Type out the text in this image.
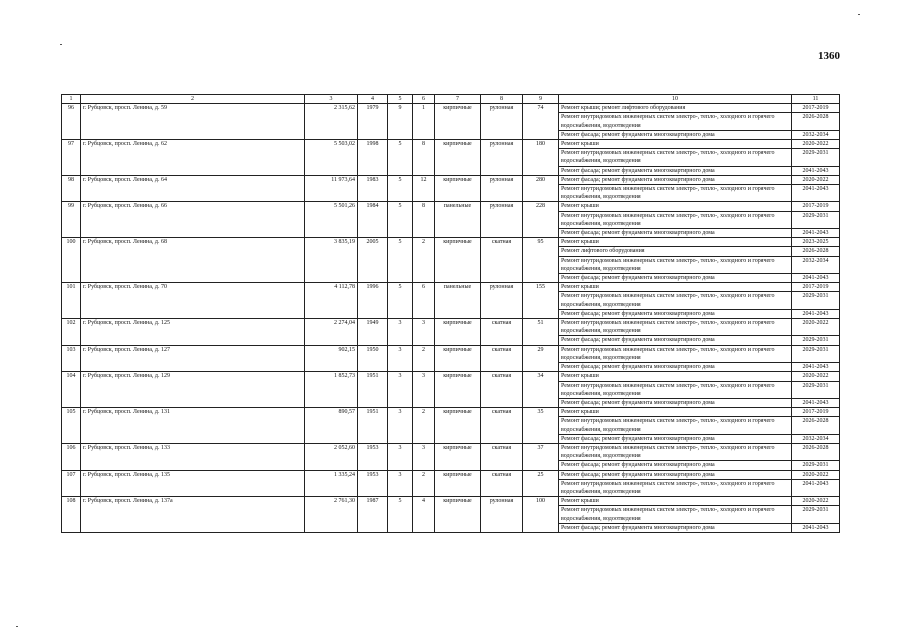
1360
1	2	3	4	5	6	7	8	9	10	11
96	г. Рубцовск, просп. Ленина, д. 59	2 315,62	1979	9	1	кирпичные	рулонная	74	Ремонт крыши; ремонт лифтового оборудования	2017-2019
									Ремонт внутридомовых инженерных систем электро-, тепло-, холодного и горячего водоснабжения, водоотведения	2026-2028
									Ремонт фасада; ремонт фундамента многоквартирного дома	2032-2034
97	г. Рубцовск, просп. Ленина, д. 62	5 503,02	1998	5	8	кирпичные	рулонная	180	Ремонт крыши	2020-2022
									Ремонт внутридомовых инженерных систем электро-, тепло-, холодного и горячего водоснабжения, водоотведения	2029-2031
									Ремонт фасада; ремонт фундамента многоквартирного дома	2041-2043
98	г. Рубцовск, просп. Ленина, д. 64	11 973,64	1983	5	12	кирпичные	рулонная	280	Ремонт фасада; ремонт фундамента многоквартирного дома	2020-2022
									Ремонт внутридомовых инженерных систем электро-, тепло-, холодного и горячего водоснабжения, водоотведения	2041-2043
99	г. Рубцовск, просп. Ленина, д. 66	5 501,26	1984	5	8	панельные	рулонная	228	Ремонт крыши	2017-2019
									Ремонт внутридомовых инженерных систем электро-, тепло-, холодного и горячего водоснабжения, водоотведения	2029-2031
									Ремонт фасада; ремонт фундамента многоквартирного дома	2041-2043
100	г. Рубцовск, просп. Ленина, д. 68	3 835,19	2005	5	2	кирпичные	скатная	95	Ремонт крыши	2023-2025
									Ремонт лифтового оборудования	2026-2028
									Ремонт внутридомовых инженерных систем электро-, тепло-, холодного и горячего водоснабжения, водоотведения	2032-2034
									Ремонт фасада; ремонт фундамента многоквартирного дома	2041-2043
101	г. Рубцовск, просп. Ленина, д. 70	4 112,78	1996	5	6	панельные	рулонная	155	Ремонт крыши	2017-2019
									Ремонт внутридомовых инженерных систем электро-, тепло-, холодного и горячего водоснабжения, водоотведения	2029-2031
									Ремонт фасада; ремонт фундамента многоквартирного дома	2041-2043
102	г. Рубцовск, просп. Ленина, д. 125	2 274,04	1949	3	3	кирпичные	скатная	51	Ремонт внутридомовых инженерных систем электро-, тепло-, холодного и горячего водоснабжения, водоотведения	2020-2022
									Ремонт фасада; ремонт фундамента многоквартирного дома	2029-2031
103	г. Рубцовск, просп. Ленина, д. 127	902,15	1950	3	2	кирпичные	скатная	29	Ремонт внутридомовых инженерных систем электро-, тепло-, холодного и горячего водоснабжения, водоотведения	2029-2031
									Ремонт фасада; ремонт фундамента многоквартирного дома	2041-2043
104	г. Рубцовск, просп. Ленина, д. 129	1 852,73	1951	3	3	кирпичные	скатная	34	Ремонт крыши	2020-2022
									Ремонт внутридомовых инженерных систем электро-, тепло-, холодного и горячего водоснабжения, водоотведения	2029-2031
									Ремонт фасада; ремонт фундамента многоквартирного дома	2041-2043
105	г. Рубцовск, просп. Ленина, д. 131	890,57	1951	3	2	кирпичные	скатная	35	Ремонт крыши	2017-2019
									Ремонт внутридомовых инженерных систем электро-, тепло-, холодного и горячего водоснабжения, водоотведения	2026-2028
									Ремонт фасада; ремонт фундамента многоквартирного дома	2032-2034
106	г. Рубцовск, просп. Ленина, д. 133	2 052,60	1953	3	3	кирпичные	скатная	37	Ремонт внутридомовых инженерных систем электро-, тепло-, холодного и горячего водоснабжения, водоотведения	2026-2028
									Ремонт фасада; ремонт фундамента многоквартирного дома	2029-2031
107	г. Рубцовск, просп. Ленина, д. 135	1 335,24	1953	3	2	кирпичные	скатная	25	Ремонт фасада; ремонт фундамента многоквартирного дома	2020-2022
									Ремонт внутридомовых инженерных систем электро-, тепло-, холодного и горячего водоснабжения, водоотведения	2041-2043
108	г. Рубцовск, просп. Ленина, д. 137а	2 761,30	1987	5	4	кирпичные	рулонная	100	Ремонт крыши	2020-2022
									Ремонт внутридомовых инженерных систем электро-, тепло-, холодного и горячего водоснабжения, водоотведения	2029-2031
									Ремонт фасада; ремонт фундамента многоквартирного дома	2041-2043
